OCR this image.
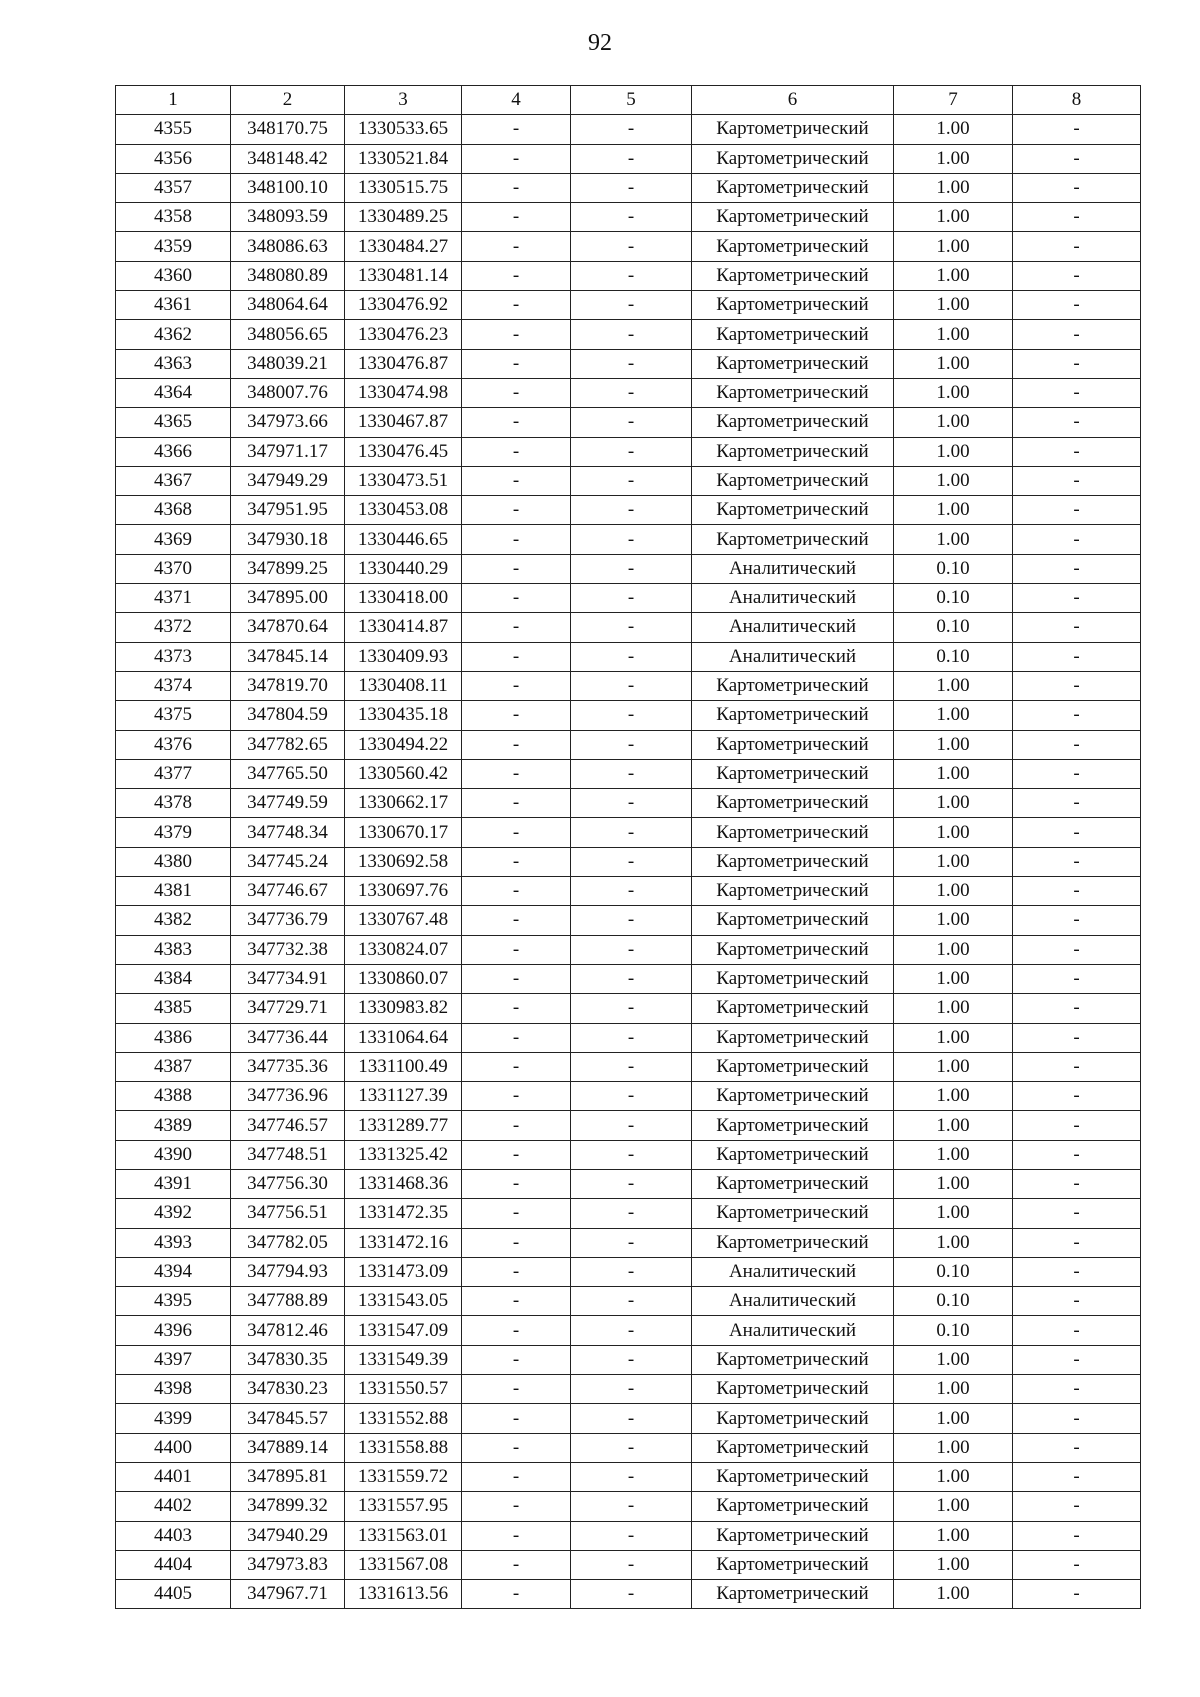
92
1	2	3	4	5	6	7	8
4355	348170.75	1330533.65	-	-	Картометрический	1.00	-
4356	348148.42	1330521.84	-	-	Картометрический	1.00	-
4357	348100.10	1330515.75	-	-	Картометрический	1.00	-
4358	348093.59	1330489.25	-	-	Картометрический	1.00	-
4359	348086.63	1330484.27	-	-	Картометрический	1.00	-
4360	348080.89	1330481.14	-	-	Картометрический	1.00	-
4361	348064.64	1330476.92	-	-	Картометрический	1.00	-
4362	348056.65	1330476.23	-	-	Картометрический	1.00	-
4363	348039.21	1330476.87	-	-	Картометрический	1.00	-
4364	348007.76	1330474.98	-	-	Картометрический	1.00	-
4365	347973.66	1330467.87	-	-	Картометрический	1.00	-
4366	347971.17	1330476.45	-	-	Картометрический	1.00	-
4367	347949.29	1330473.51	-	-	Картометрический	1.00	-
4368	347951.95	1330453.08	-	-	Картометрический	1.00	-
4369	347930.18	1330446.65	-	-	Картометрический	1.00	-
4370	347899.25	1330440.29	-	-	Аналитический	0.10	-
4371	347895.00	1330418.00	-	-	Аналитический	0.10	-
4372	347870.64	1330414.87	-	-	Аналитический	0.10	-
4373	347845.14	1330409.93	-	-	Аналитический	0.10	-
4374	347819.70	1330408.11	-	-	Картометрический	1.00	-
4375	347804.59	1330435.18	-	-	Картометрический	1.00	-
4376	347782.65	1330494.22	-	-	Картометрический	1.00	-
4377	347765.50	1330560.42	-	-	Картометрический	1.00	-
4378	347749.59	1330662.17	-	-	Картометрический	1.00	-
4379	347748.34	1330670.17	-	-	Картометрический	1.00	-
4380	347745.24	1330692.58	-	-	Картометрический	1.00	-
4381	347746.67	1330697.76	-	-	Картометрический	1.00	-
4382	347736.79	1330767.48	-	-	Картометрический	1.00	-
4383	347732.38	1330824.07	-	-	Картометрический	1.00	-
4384	347734.91	1330860.07	-	-	Картометрический	1.00	-
4385	347729.71	1330983.82	-	-	Картометрический	1.00	-
4386	347736.44	1331064.64	-	-	Картометрический	1.00	-
4387	347735.36	1331100.49	-	-	Картометрический	1.00	-
4388	347736.96	1331127.39	-	-	Картометрический	1.00	-
4389	347746.57	1331289.77	-	-	Картометрический	1.00	-
4390	347748.51	1331325.42	-	-	Картометрический	1.00	-
4391	347756.30	1331468.36	-	-	Картометрический	1.00	-
4392	347756.51	1331472.35	-	-	Картометрический	1.00	-
4393	347782.05	1331472.16	-	-	Картометрический	1.00	-
4394	347794.93	1331473.09	-	-	Аналитический	0.10	-
4395	347788.89	1331543.05	-	-	Аналитический	0.10	-
4396	347812.46	1331547.09	-	-	Аналитический	0.10	-
4397	347830.35	1331549.39	-	-	Картометрический	1.00	-
4398	347830.23	1331550.57	-	-	Картометрический	1.00	-
4399	347845.57	1331552.88	-	-	Картометрический	1.00	-
4400	347889.14	1331558.88	-	-	Картометрический	1.00	-
4401	347895.81	1331559.72	-	-	Картометрический	1.00	-
4402	347899.32	1331557.95	-	-	Картометрический	1.00	-
4403	347940.29	1331563.01	-	-	Картометрический	1.00	-
4404	347973.83	1331567.08	-	-	Картометрический	1.00	-
4405	347967.71	1331613.56	-	-	Картометрический	1.00	-
